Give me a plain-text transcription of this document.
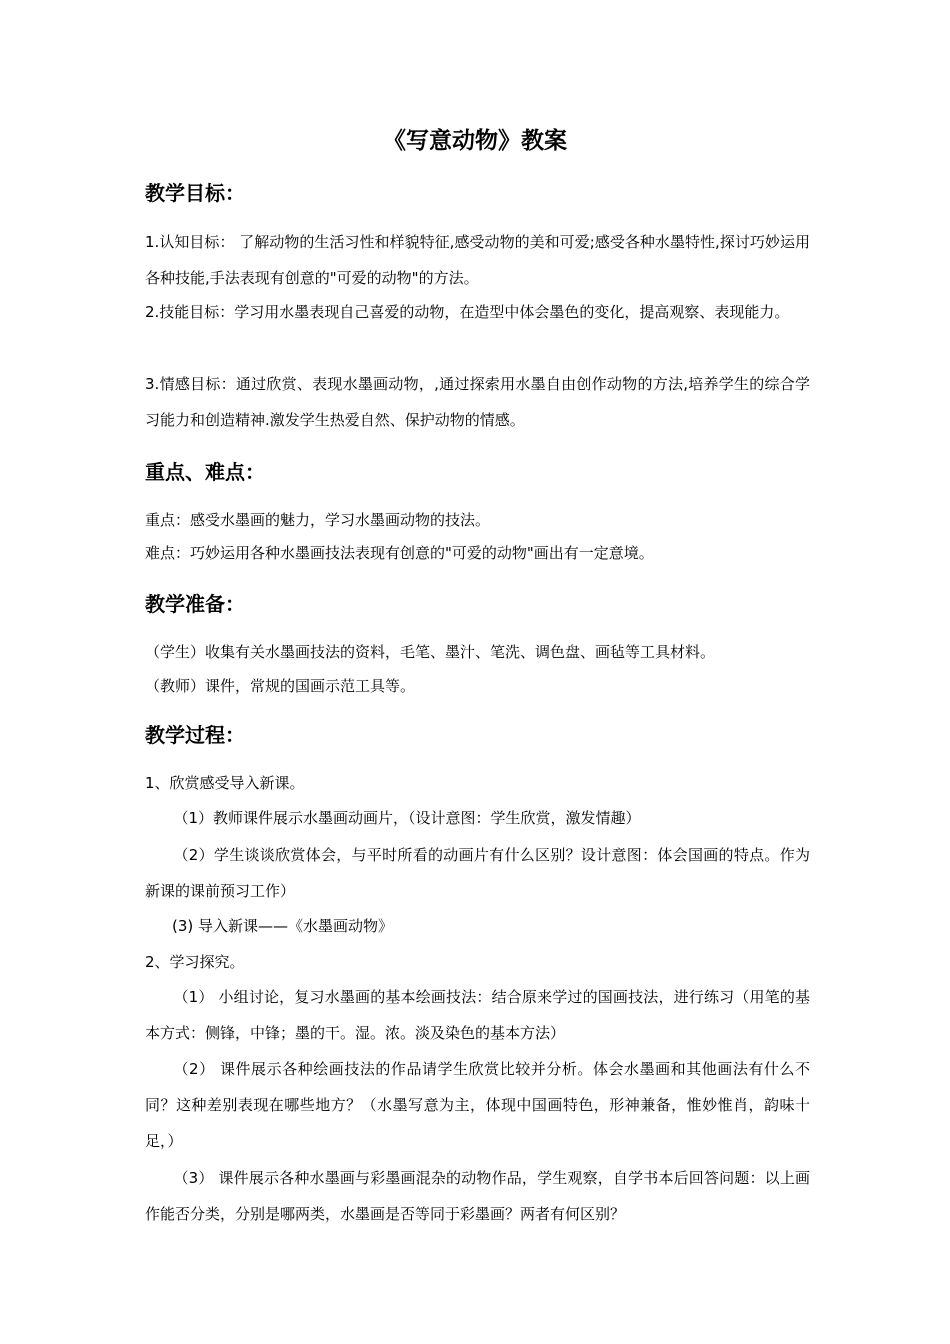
《写意动物》教案
教学目标：
1.认知目标： 了解动物的生活习性和样貌特征,感受动物的美和可爱;感受各种水墨特性,探讨巧妙运用各种技能,手法表现有创意的"可爱的动物"的方法。
2.技能目标：学习用水墨表现自己喜爱的动物，在造型中体会墨色的变化，提高观察、表现能力。
3.情感目标：通过欣赏、表现水墨画动物，,通过探索用水墨自由创作动物的方法,培养学生的综合学习能力和创造精神.激发学生热爱自然、保护动物的情感。
重点、难点：
重点：感受水墨画的魅力，学习水墨画动物的技法。
难点：巧妙运用各种水墨画技法表现有创意的"可爱的动物"画出有一定意境。
教学准备：
（学生）收集有关水墨画技法的资料，毛笔、墨汁、笔洗、调色盘、画毡等工具材料。
（教师）课件，常规的国画示范工具等。
教学过程：
1、欣赏感受导入新课。
（1）教师课件展示水墨画动画片，（设计意图：学生欣赏，激发情趣）
（2）学生谈谈欣赏体会，与平时所看的动画片有什么区别？设计意图：体会国画的特点。作为新课的课前预习工作）
(3) 导入新课——《水墨画动物》
2、学习探究。
（1） 小组讨论，复习水墨画的基本绘画技法：结合原来学过的国画技法，进行练习（用笔的基本方式：侧锋，中锋；墨的干。湿。浓。淡及染色的基本方法）
（2） 课件展示各种绘画技法的作品请学生欣赏比较并分析。体会水墨画和其他画法有什么不同？这种差别表现在哪些地方？（水墨写意为主，体现中国画特色，形神兼备，惟妙惟肖，韵味十足，）
（3） 课件展示各种水墨画与彩墨画混杂的动物作品，学生观察，自学书本后回答问题：以上画作能否分类，分别是哪两类，水墨画是否等同于彩墨画？两者有何区别？
